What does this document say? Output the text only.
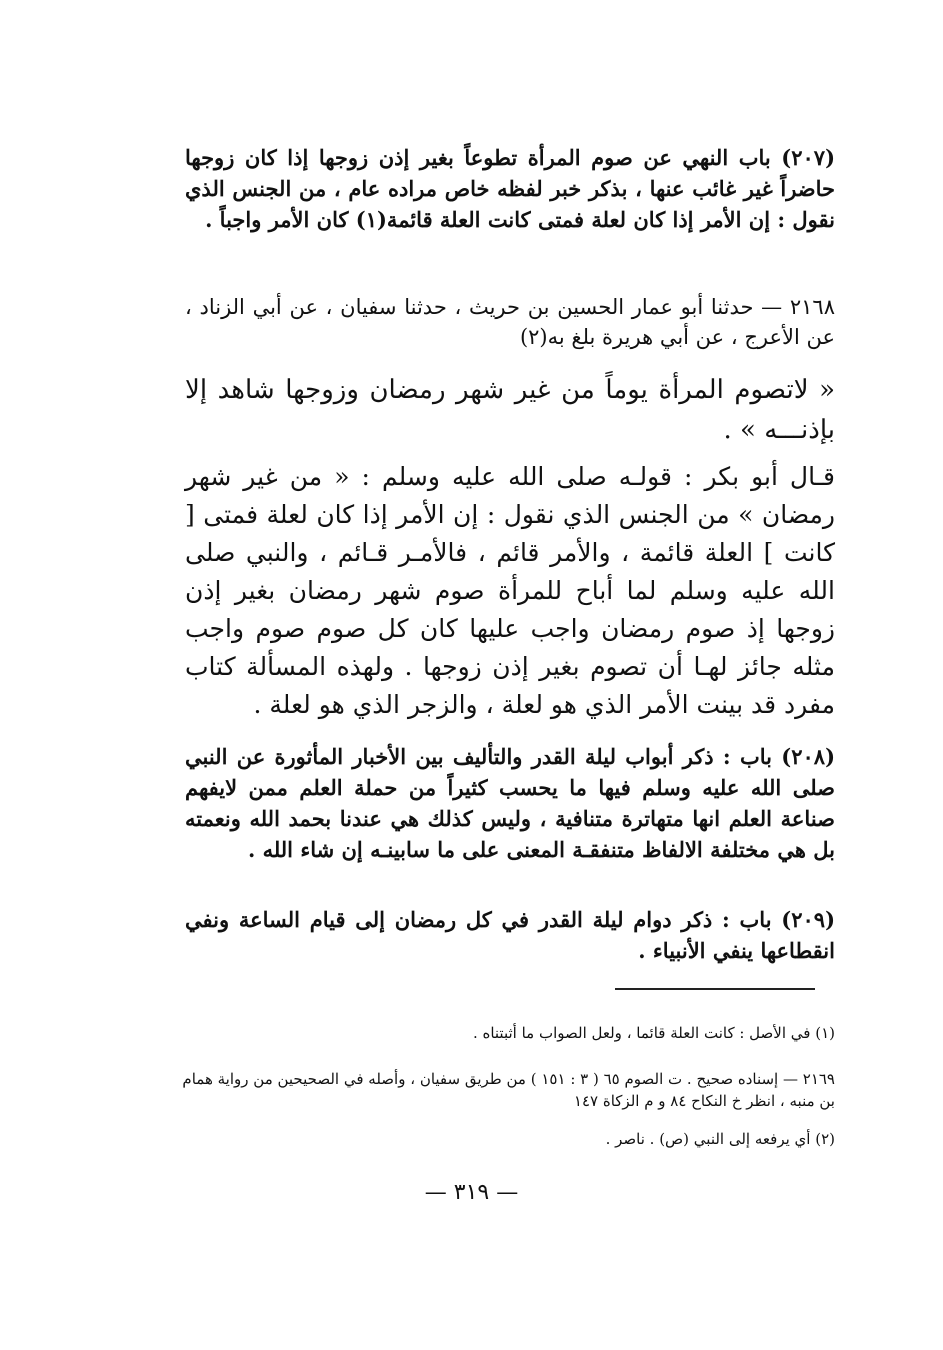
(٢٠٧) باب النهي عن صوم المرأة تطوعاً بغير إذن زوجها إذا كان زوجها حاضراً غير غائب عنها ، بذكر خبر لفظه خاص مراده عام ، من الجنس الذي نقول : إن الأمر إذا كان لعلة فمتى كانت العلة قائمة(١) كان الأمر واجباً .
٢١٦٨ — حدثنا أبو عمار الحسين بن حريث ، حدثنا سفيان ، عن أبي الزناد ، عن الأعرج ، عن أبي هريرة بلغ به(٢)
« لاتصوم المرأة يوماً من غير شهر رمضان وزوجها شاهد إلا بإذنـــه » .
قـال أبو بكر : قولـه صلى الله عليه وسلم : « من غير شهر رمضان » من الجنس الذي نقول : إن الأمر إذا كان لعلة فمتى [ كانت ] العلة قائمة ، والأمر قائم ، فالأمـر قـائم ، والنبي صلى الله عليه وسلم لما أباح للمرأة صوم شهر رمضان بغير إذن زوجها إذ صوم رمضان واجب عليها كان كل صوم صوم واجب مثله جائز لهـا أن تصوم بغير إذن زوجها . ولهذه المسألة كتاب مفرد قد بينت الأمر الذي هو لعلة ، والزجر الذي هو لعلة .
(٢٠٨) باب : ذكر أبواب ليلة القدر والتأليف بين الأخبار المأثورة عن النبي صلى الله عليه وسلم فيها ما يحسب كثيراً من حملة العلم ممن لايفهم صناعة العلم انها متهاترة متنافية ، وليس كذلك هي عندنا بحمد الله ونعمته بل هي مختلفة الالفاظ متنفقـة المعنى على ما سابينـه إن شاء الله .
(٢٠٩) باب : ذكر دوام ليلة القدر في كل رمضان إلى قيام الساعة ونفي انقطاعها ينفي الأنبياء .
(١) في الأصل : كانت العلة قائما ، ولعل الصواب ما أثبتناه .
٢١٦٩ — إسناده صحيح . ت الصوم ٦٥ ( ٣ : ١٥١ ) من طريق سفيان ، وأصله في الصحيحين من رواية همام بن منبه ، انظر خ النكاح ٨٤ و م الزكاة ١٤٧
(٢) أي يرفعه إلى النبي (ص) . ناصر .
— ٣١٩ —
